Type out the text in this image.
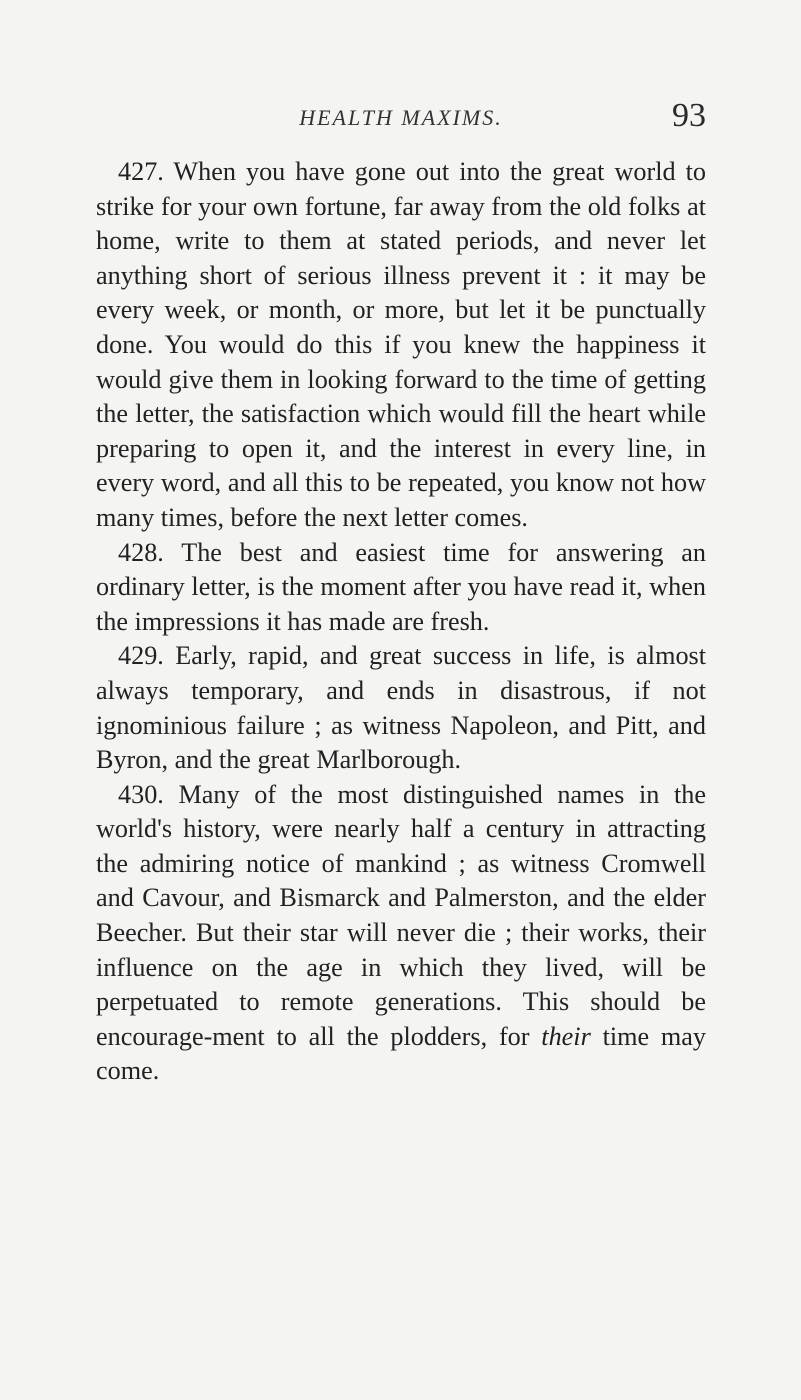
HEALTH MAXIMS.	93

427. When you have gone out into the great world to strike for your own fortune, far away from the old folks at home, write to them at stated periods, and never let anything short of serious illness prevent it : it may be every week, or month, or more, but let it be punctually done. You would do this if you knew the happiness it would give them in looking forward to the time of getting the letter, the satisfaction which would fill the heart while preparing to open it, and the interest in every line, in every word, and all this to be repeated, you know not how many times, before the next letter comes.

428. The best and easiest time for answering an ordinary letter, is the moment after you have read it, when the impressions it has made are fresh.

429. Early, rapid, and great success in life, is almost always temporary, and ends in disastrous, if not ignominious failure ; as witness Napoleon, and Pitt, and Byron, and the great Marlborough.

430. Many of the most distinguished names in the world's history, were nearly half a century in attracting the admiring notice of mankind ; as witness Cromwell and Cavour, and Bismarck and Palmerston, and the elder Beecher. But their star will never die ; their works, their influence on the age in which they lived, will be perpetuated to remote generations. This should be encourage-ment to all the plodders, for their time may come.
